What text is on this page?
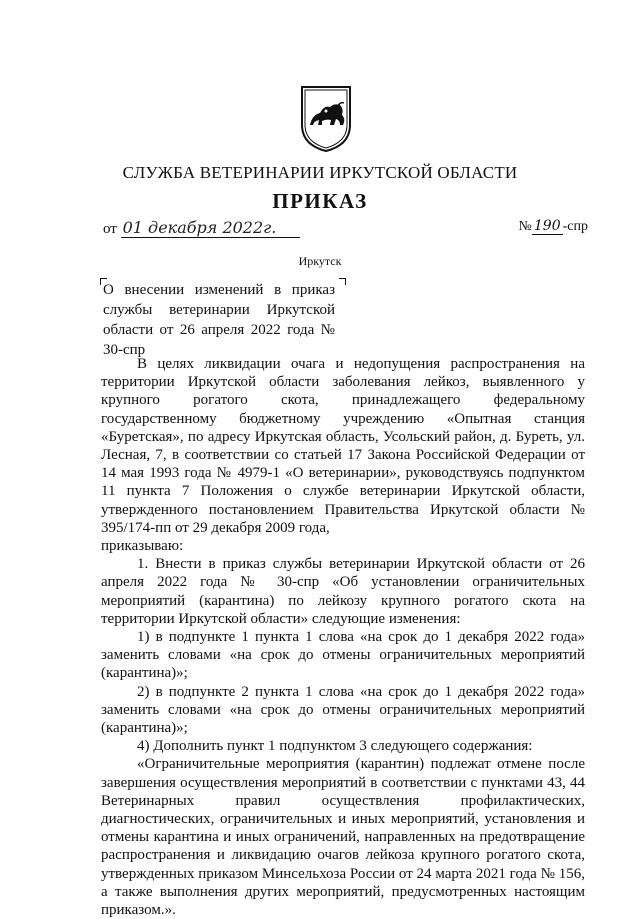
СЛУЖБА ВЕТЕРИНАРИИ ИРКУТСКОЙ ОБЛАСТИ
ПРИКАЗ
от 01 декабря 2022г.	№ 190 -спр
Иркутск
О внесении изменений в приказ службы ветеринарии Иркутской области от 26 апреля 2022 года № 30-спр

В целях ликвидации очага и недопущения распространения на территории Иркутской области заболевания лейкоз, выявленного у крупного рогатого скота, принадлежащего федеральному государственному бюджетному учреждению «Опытная станция «Буретская», по адресу Иркутская область, Усольский район, д. Буреть, ул. Лесная, 7, в соответствии со статьей 17 Закона Российской Федерации от 14 мая 1993 года № 4979-1 «О ветеринарии», руководствуясь подпунктом 11 пункта 7 Положения о службе ветеринарии Иркутской области, утвержденного постановлением Правительства Иркутской области № 395/174-пп от 29 декабря 2009 года,

приказываю:

1. Внести в приказ службы ветеринарии Иркутской области от 26 апреля 2022 года № 30-спр «Об установлении ограничительных мероприятий (карантина) по лейкозу крупного рогатого скота на территории Иркутской области» следующие изменения:

1) в подпункте 1 пункта 1 слова «на срок до 1 декабря 2022 года» заменить словами «на срок до отмены ограничительных мероприятий (карантина)»;

2) в подпункте 2 пункта 1 слова «на срок до 1 декабря 2022 года» заменить словами «на срок до отмены ограничительных мероприятий (карантина)»;

4) Дополнить пункт 1 подпунктом 3 следующего содержания:

«Ограничительные мероприятия (карантин) подлежат отмене после завершения осуществления мероприятий в соответствии с пунктами 43, 44 Ветеринарных правил осуществления профилактических, диагностических, ограничительных и иных мероприятий, установления и отмены карантина и иных ограничений, направленных на предотвращение распространения и ликвидацию очагов лейкоза крупного рогатого скота, утвержденных приказом Минсельхоза России от 24 марта 2021 года № 156, а также выполнения других мероприятий, предусмотренных настоящим приказом.».
